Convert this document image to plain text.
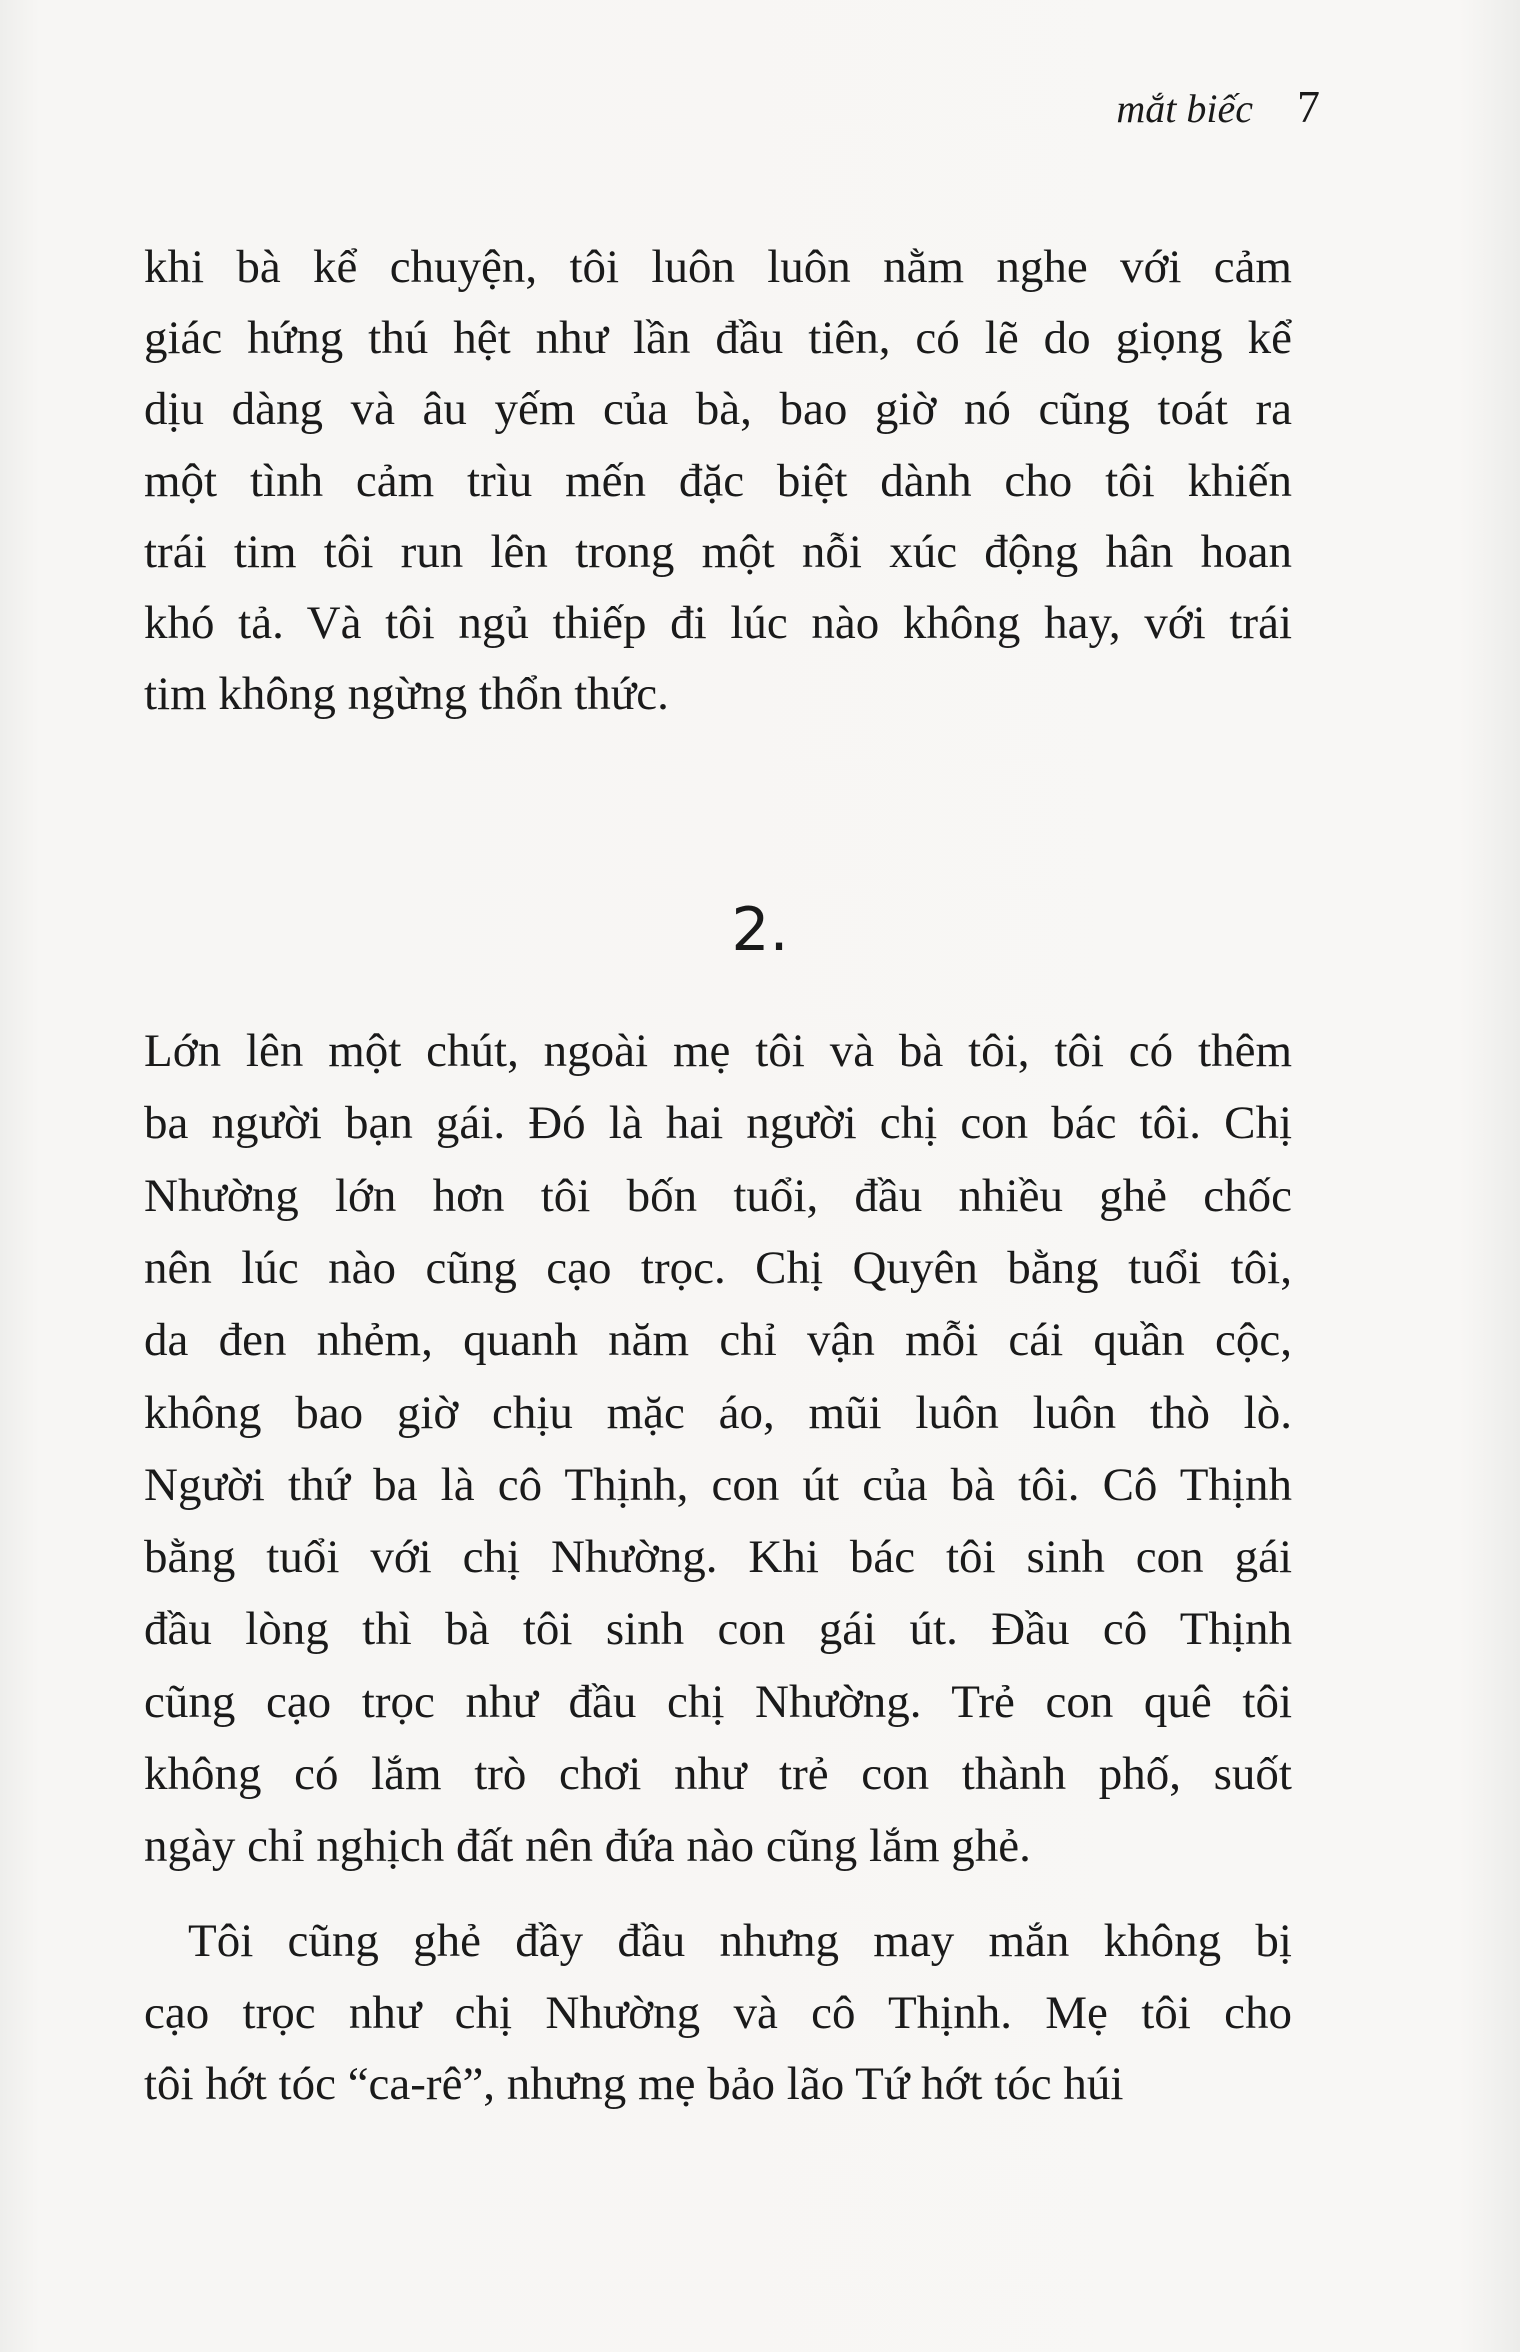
mắt biếc 7
khi bà kể chuyện, tôi luôn luôn nằm nghe với cảm
giác hứng thú hệt như lần đầu tiên, có lẽ do giọng kể
dịu dàng và âu yếm của bà, bao giờ nó cũng toát ra
một tình cảm trìu mến đặc biệt dành cho tôi khiến
trái tim tôi run lên trong một nỗi xúc động hân hoan
khó tả. Và tôi ngủ thiếp đi lúc nào không hay, với trái
tim không ngừng thổn thức.
2.
Lớn lên một chút, ngoài mẹ tôi và bà tôi, tôi có thêm
ba người bạn gái. Đó là hai người chị con bác tôi. Chị
Nhường lớn hơn tôi bốn tuổi, đầu nhiều ghẻ chốc
nên lúc nào cũng cạo trọc. Chị Quyên bằng tuổi tôi,
da đen nhẻm, quanh năm chỉ vận mỗi cái quần cộc,
không bao giờ chịu mặc áo, mũi luôn luôn thò lò.
Người thứ ba là cô Thịnh, con út của bà tôi. Cô Thịnh
bằng tuổi với chị Nhường. Khi bác tôi sinh con gái
đầu lòng thì bà tôi sinh con gái út. Đầu cô Thịnh
cũng cạo trọc như đầu chị Nhường. Trẻ con quê tôi
không có lắm trò chơi như trẻ con thành phố, suốt
ngày chỉ nghịch đất nên đứa nào cũng lắm ghẻ.
Tôi cũng ghẻ đầy đầu nhưng may mắn không bị
cạo trọc như chị Nhường và cô Thịnh. Mẹ tôi cho
tôi hớt tóc “ca-rê”, nhưng mẹ bảo lão Tứ hớt tóc húi
